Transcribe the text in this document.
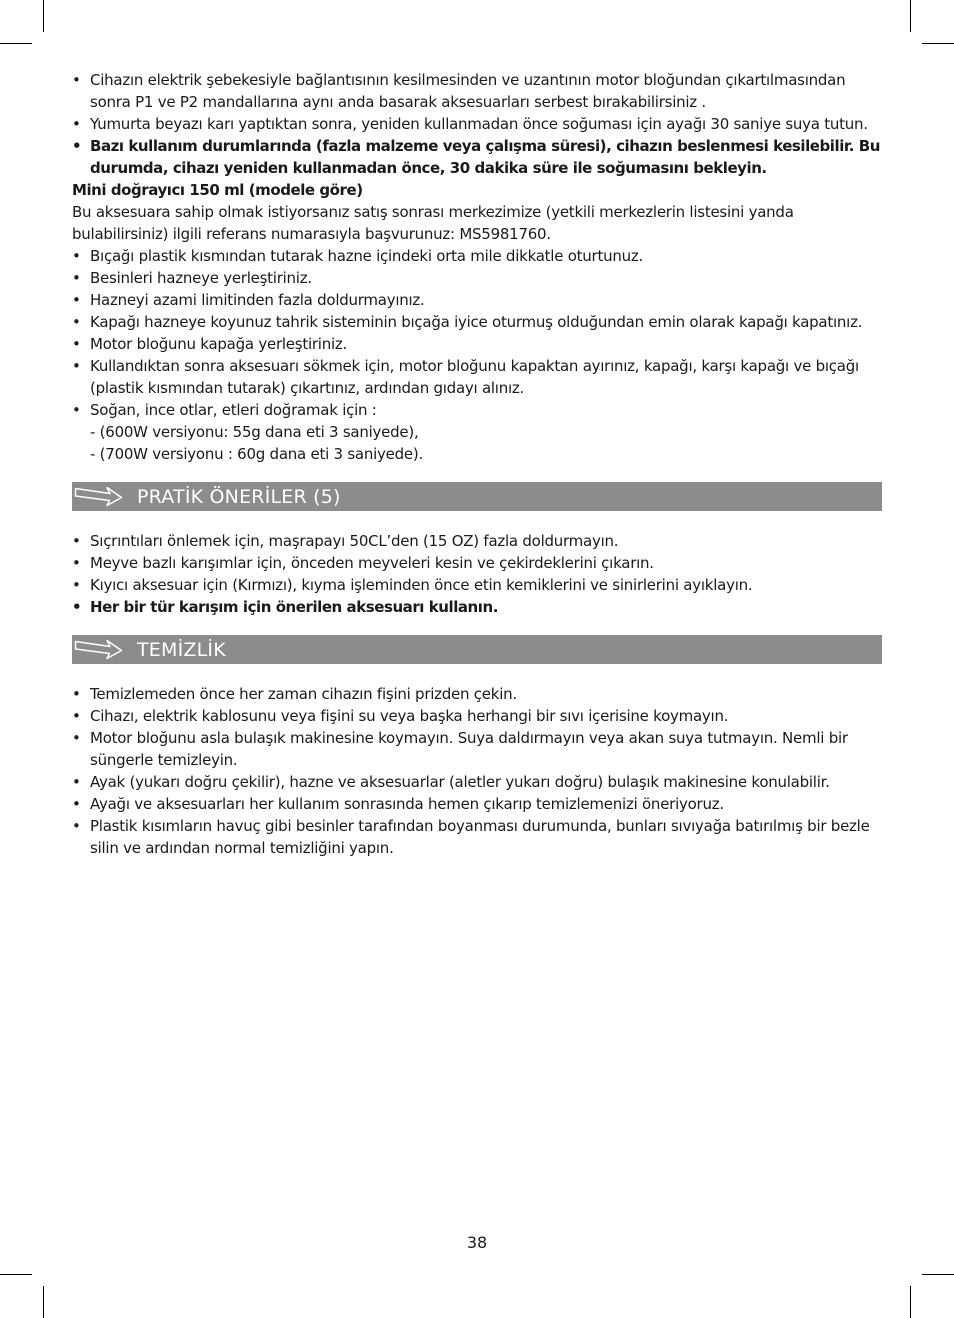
• Cihazın elektrik şebekesiyle bağlantısının kesilmesinden ve uzantının motor bloğundan çıkartılmasından sonra P1 ve P2 mandallarına aynı anda basarak aksesuarları serbest bırakabilirsiniz .
• Yumurta beyazı karı yaptıktan sonra, yeniden kullanmadan önce soğuması için ayağı 30 saniye suya tutun.
• Bazı kullanım durumlarında (fazla malzeme veya çalışma süresi), cihazın beslenmesi kesilebilir. Bu durumda, cihazı yeniden kullanmadan önce, 30 dakika süre ile soğumasını bekleyin.
Mini doğrayıcı 150 ml (modele göre)
Bu aksesuara sahip olmak istiyorsanız satış sonrası merkezimize (yetkili merkezlerin listesini yanda bulabilirsiniz) ilgili referans numarasıyla başvurunuz: MS5981760.
• Bıçağı plastik kısmından tutarak hazne içindeki orta mile dikkatle oturtunuz.
• Besinleri hazneye yerleştiriniz.
• Hazneyi azami limitinden fazla doldurmayınız.
• Kapağı hazneye koyunuz tahrik sisteminin bıçağa iyice oturmuş olduğundan emin olarak kapağı kapatınız.
• Motor bloğunu kapağa yerleştiriniz.
• Kullandıktan sonra aksesuarı sökmek için, motor bloğunu kapaktan ayırınız, kapağı, karşı kapağı ve bıçağı (plastik kısmından tutarak) çıkartınız, ardından gıdayı alınız.
• Soğan, ince otlar, etleri doğramak için :
- (600W versiyonu: 55g dana eti 3 saniyede),
- (700W versiyonu : 60g dana eti 3 saniyede).
PRATİK ÖNERİLER (5)
• Sıçrıntıları önlemek için, maşrapayı 50CL’den (15 OZ) fazla doldurmayın.
• Meyve bazlı karışımlar için, önceden meyveleri kesin ve çekirdeklerini çıkarın.
• Kıyıcı aksesuar için (Kırmızı), kıyma işleminden önce etin kemiklerini ve sinirlerini ayıklayın.
• Her bir tür karışım için önerilen aksesuarı kullanın.
TEMİZLİK
• Temizlemeden önce her zaman cihazın fişini prizden çekin.
• Cihazı, elektrik kablosunu veya fişini su veya başka herhangi bir sıvı içerisine koymayın.
• Motor bloğunu asla bulaşık makinesine koymayın. Suya daldırmayın veya akan suya tutmayın. Nemli bir süngerle temizleyin.
• Ayak (yukarı doğru çekilir), hazne ve aksesuarlar (aletler yukarı doğru) bulaşık makinesine konulabilir.
• Ayağı ve aksesuarları her kullanım sonrasında hemen çıkarıp temizlemenizi öneriyoruz.
• Plastik kısımların havuç gibi besinler tarafından boyanması durumunda, bunları sıvıyağa batırılmış bir bezle silin ve ardından normal temizliğini yapın.
38
